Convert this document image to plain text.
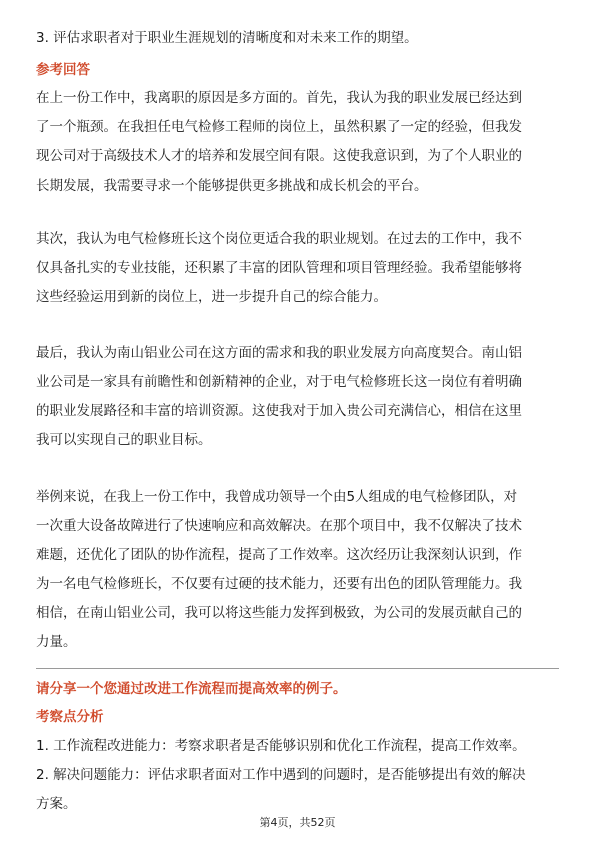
3. 评估求职者对于职业生涯规划的清晰度和对未来工作的期望。
参考回答
在上一份工作中，我离职的原因是多方面的。首先，我认为我的职业发展已经达到
了一个瓶颈。在我担任电气检修工程师的岗位上，虽然积累了一定的经验，但我发
现公司对于高级技术人才的培养和发展空间有限。这使我意识到，为了个人职业的
长期发展，我需要寻求一个能够提供更多挑战和成长机会的平台。
其次，我认为电气检修班长这个岗位更适合我的职业规划。在过去的工作中，我不
仅具备扎实的专业技能，还积累了丰富的团队管理和项目管理经验。我希望能够将
这些经验运用到新的岗位上，进一步提升自己的综合能力。
最后，我认为南山铝业公司在这方面的需求和我的职业发展方向高度契合。南山铝
业公司是一家具有前瞻性和创新精神的企业，对于电气检修班长这一岗位有着明确
的职业发展路径和丰富的培训资源。这使我对于加入贵公司充满信心，相信在这里
我可以实现自己的职业目标。
举例来说，在我上一份工作中，我曾成功领导一个由5人组成的电气检修团队，对
一次重大设备故障进行了快速响应和高效解决。在那个项目中，我不仅解决了技术
难题，还优化了团队的协作流程，提高了工作效率。这次经历让我深刻认识到，作
为一名电气检修班长，不仅要有过硬的技术能力，还要有出色的团队管理能力。我
相信，在南山铝业公司，我可以将这些能力发挥到极致，为公司的发展贡献自己的
力量。
请分享一个您通过改进工作流程而提高效率的例子。
考察点分析
1. 工作流程改进能力：考察求职者是否能够识别和优化工作流程，提高工作效率。
2. 解决问题能力：评估求职者面对工作中遇到的问题时，是否能够提出有效的解决
方案。
第4页，共52页
